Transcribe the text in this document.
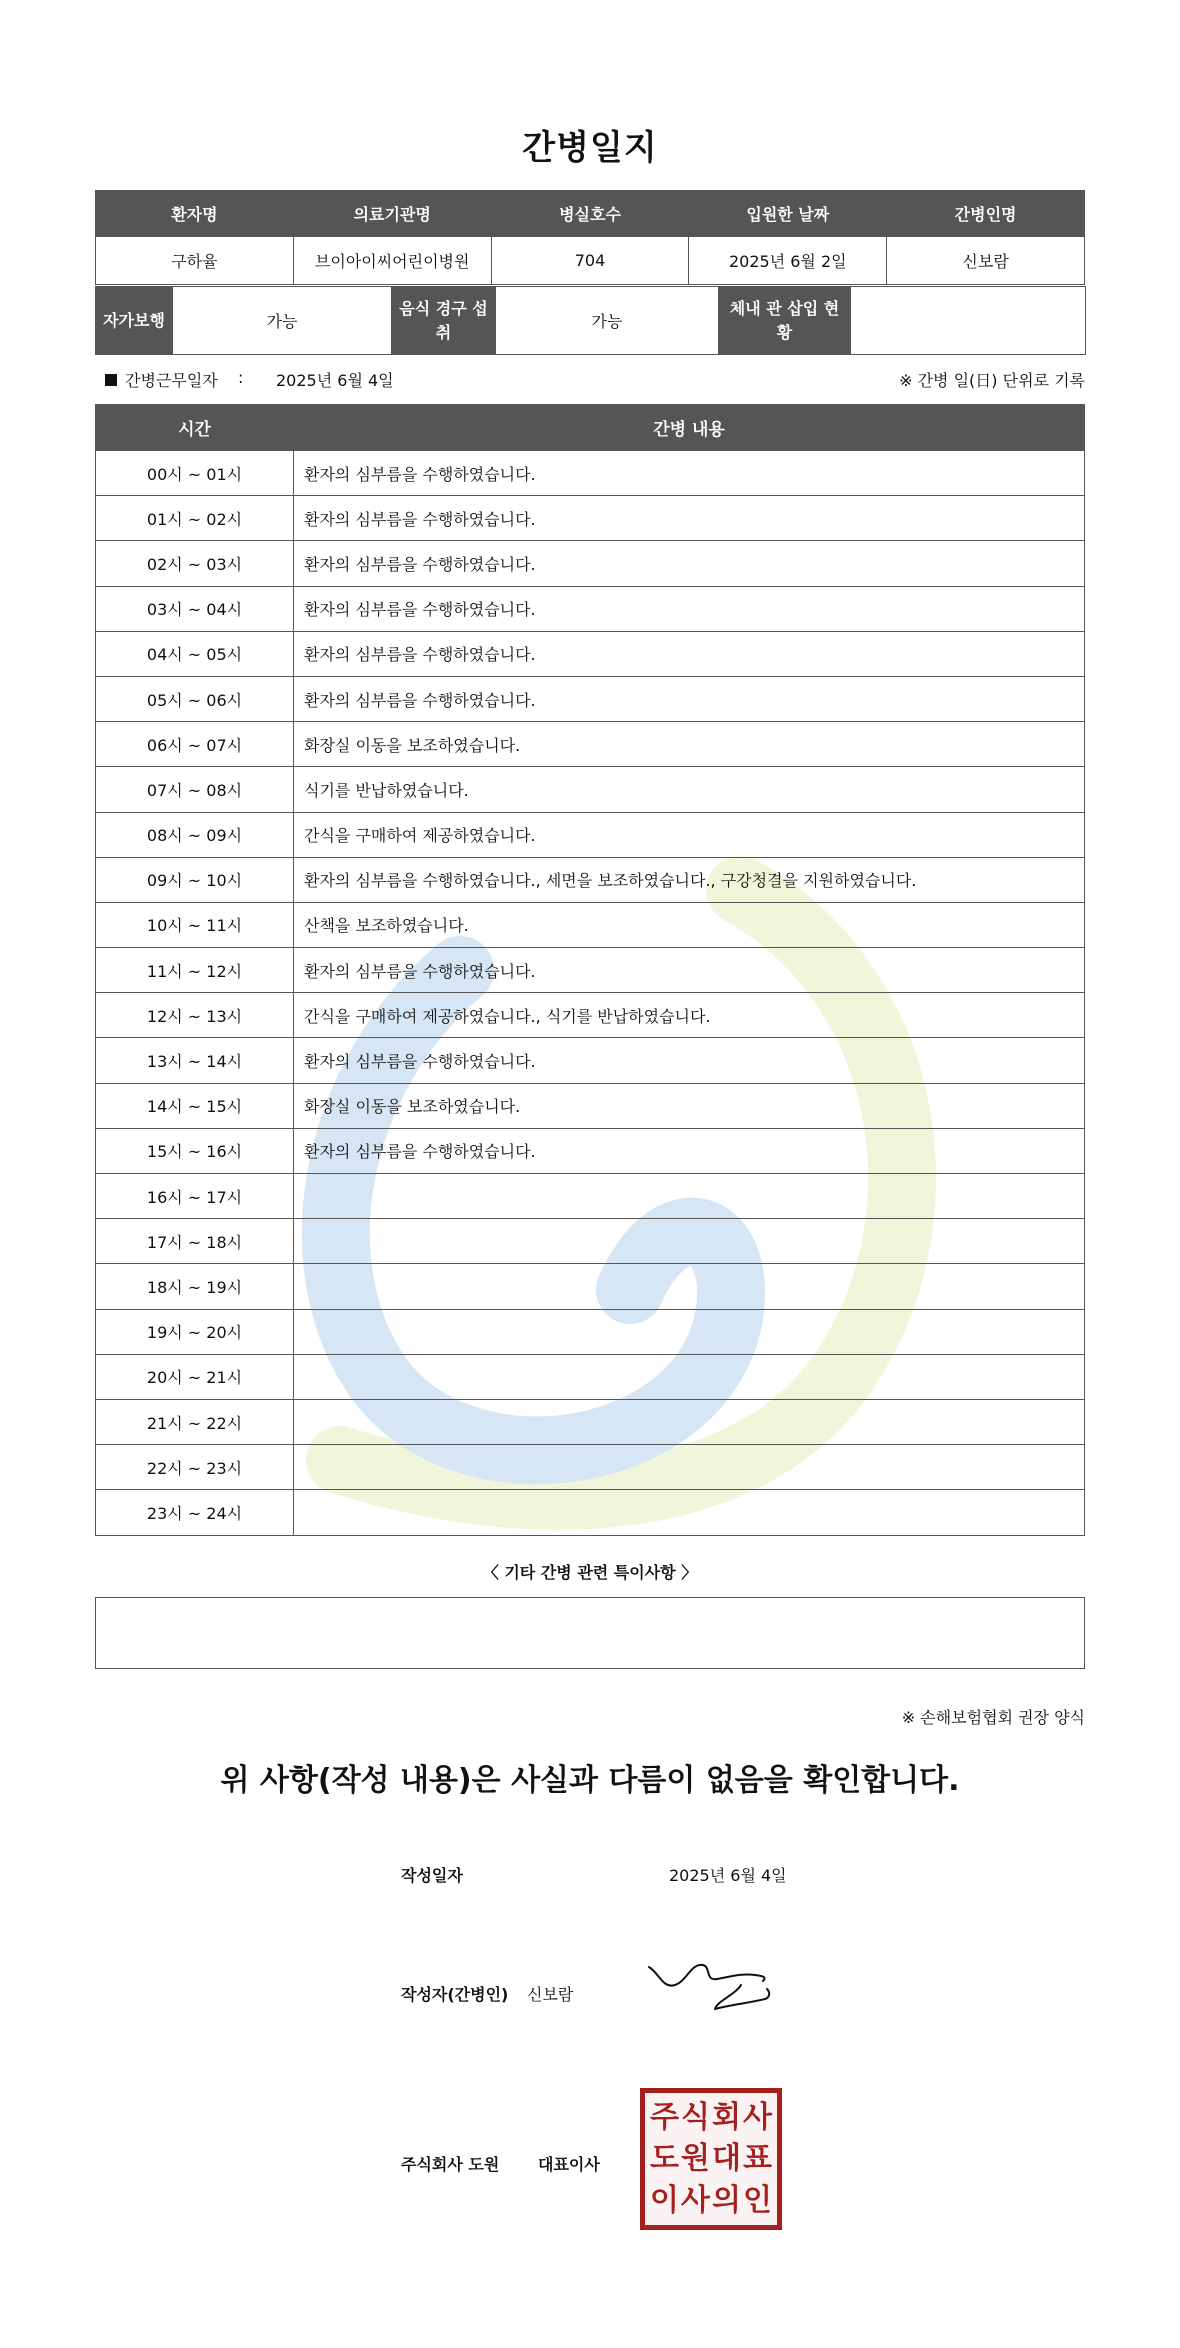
간병일지
환자명	의료기관명	병실호수	입원한 날짜	간병인명
구하율	브이아이씨어린이병원	704	2025년 6월 2일	신보람
자가보행	가능	음식 경구 섭취	가능	체내 관 삽입 현황	
간병근무일자 : 2025년 6월 4일	※ 간병 일(日) 단위로 기록
시간	간병 내용
00시 ~ 01시	환자의 심부름을 수행하였습니다.
01시 ~ 02시	환자의 심부름을 수행하였습니다.
02시 ~ 03시	환자의 심부름을 수행하였습니다.
03시 ~ 04시	환자의 심부름을 수행하였습니다.
04시 ~ 05시	환자의 심부름을 수행하였습니다.
05시 ~ 06시	환자의 심부름을 수행하였습니다.
06시 ~ 07시	화장실 이동을 보조하였습니다.
07시 ~ 08시	식기를 반납하였습니다.
08시 ~ 09시	간식을 구매하여 제공하였습니다.
09시 ~ 10시	환자의 심부름을 수행하였습니다., 세면을 보조하였습니다., 구강청결을 지원하였습니다.
10시 ~ 11시	산책을 보조하였습니다.
11시 ~ 12시	환자의 심부름을 수행하였습니다.
12시 ~ 13시	간식을 구매하여 제공하였습니다., 식기를 반납하였습니다.
13시 ~ 14시	환자의 심부름을 수행하였습니다.
14시 ~ 15시	화장실 이동을 보조하였습니다.
15시 ~ 16시	환자의 심부름을 수행하였습니다.
16시 ~ 17시	
17시 ~ 18시	
18시 ~ 19시	
19시 ~ 20시	
20시 ~ 21시	
21시 ~ 22시	
22시 ~ 23시	
23시 ~ 24시	
〈 기타 간병 관련 특이사항 〉
※ 손해보험협회 권장 양식
위 사항(작성 내용)은 사실과 다름이 없음을 확인합니다.
작성일자	2025년 6월 4일
작성자(간병인) 신보람
주식회사 도원 대표이사
주 식 회 사
도 원 대 표
이 사 의 인
